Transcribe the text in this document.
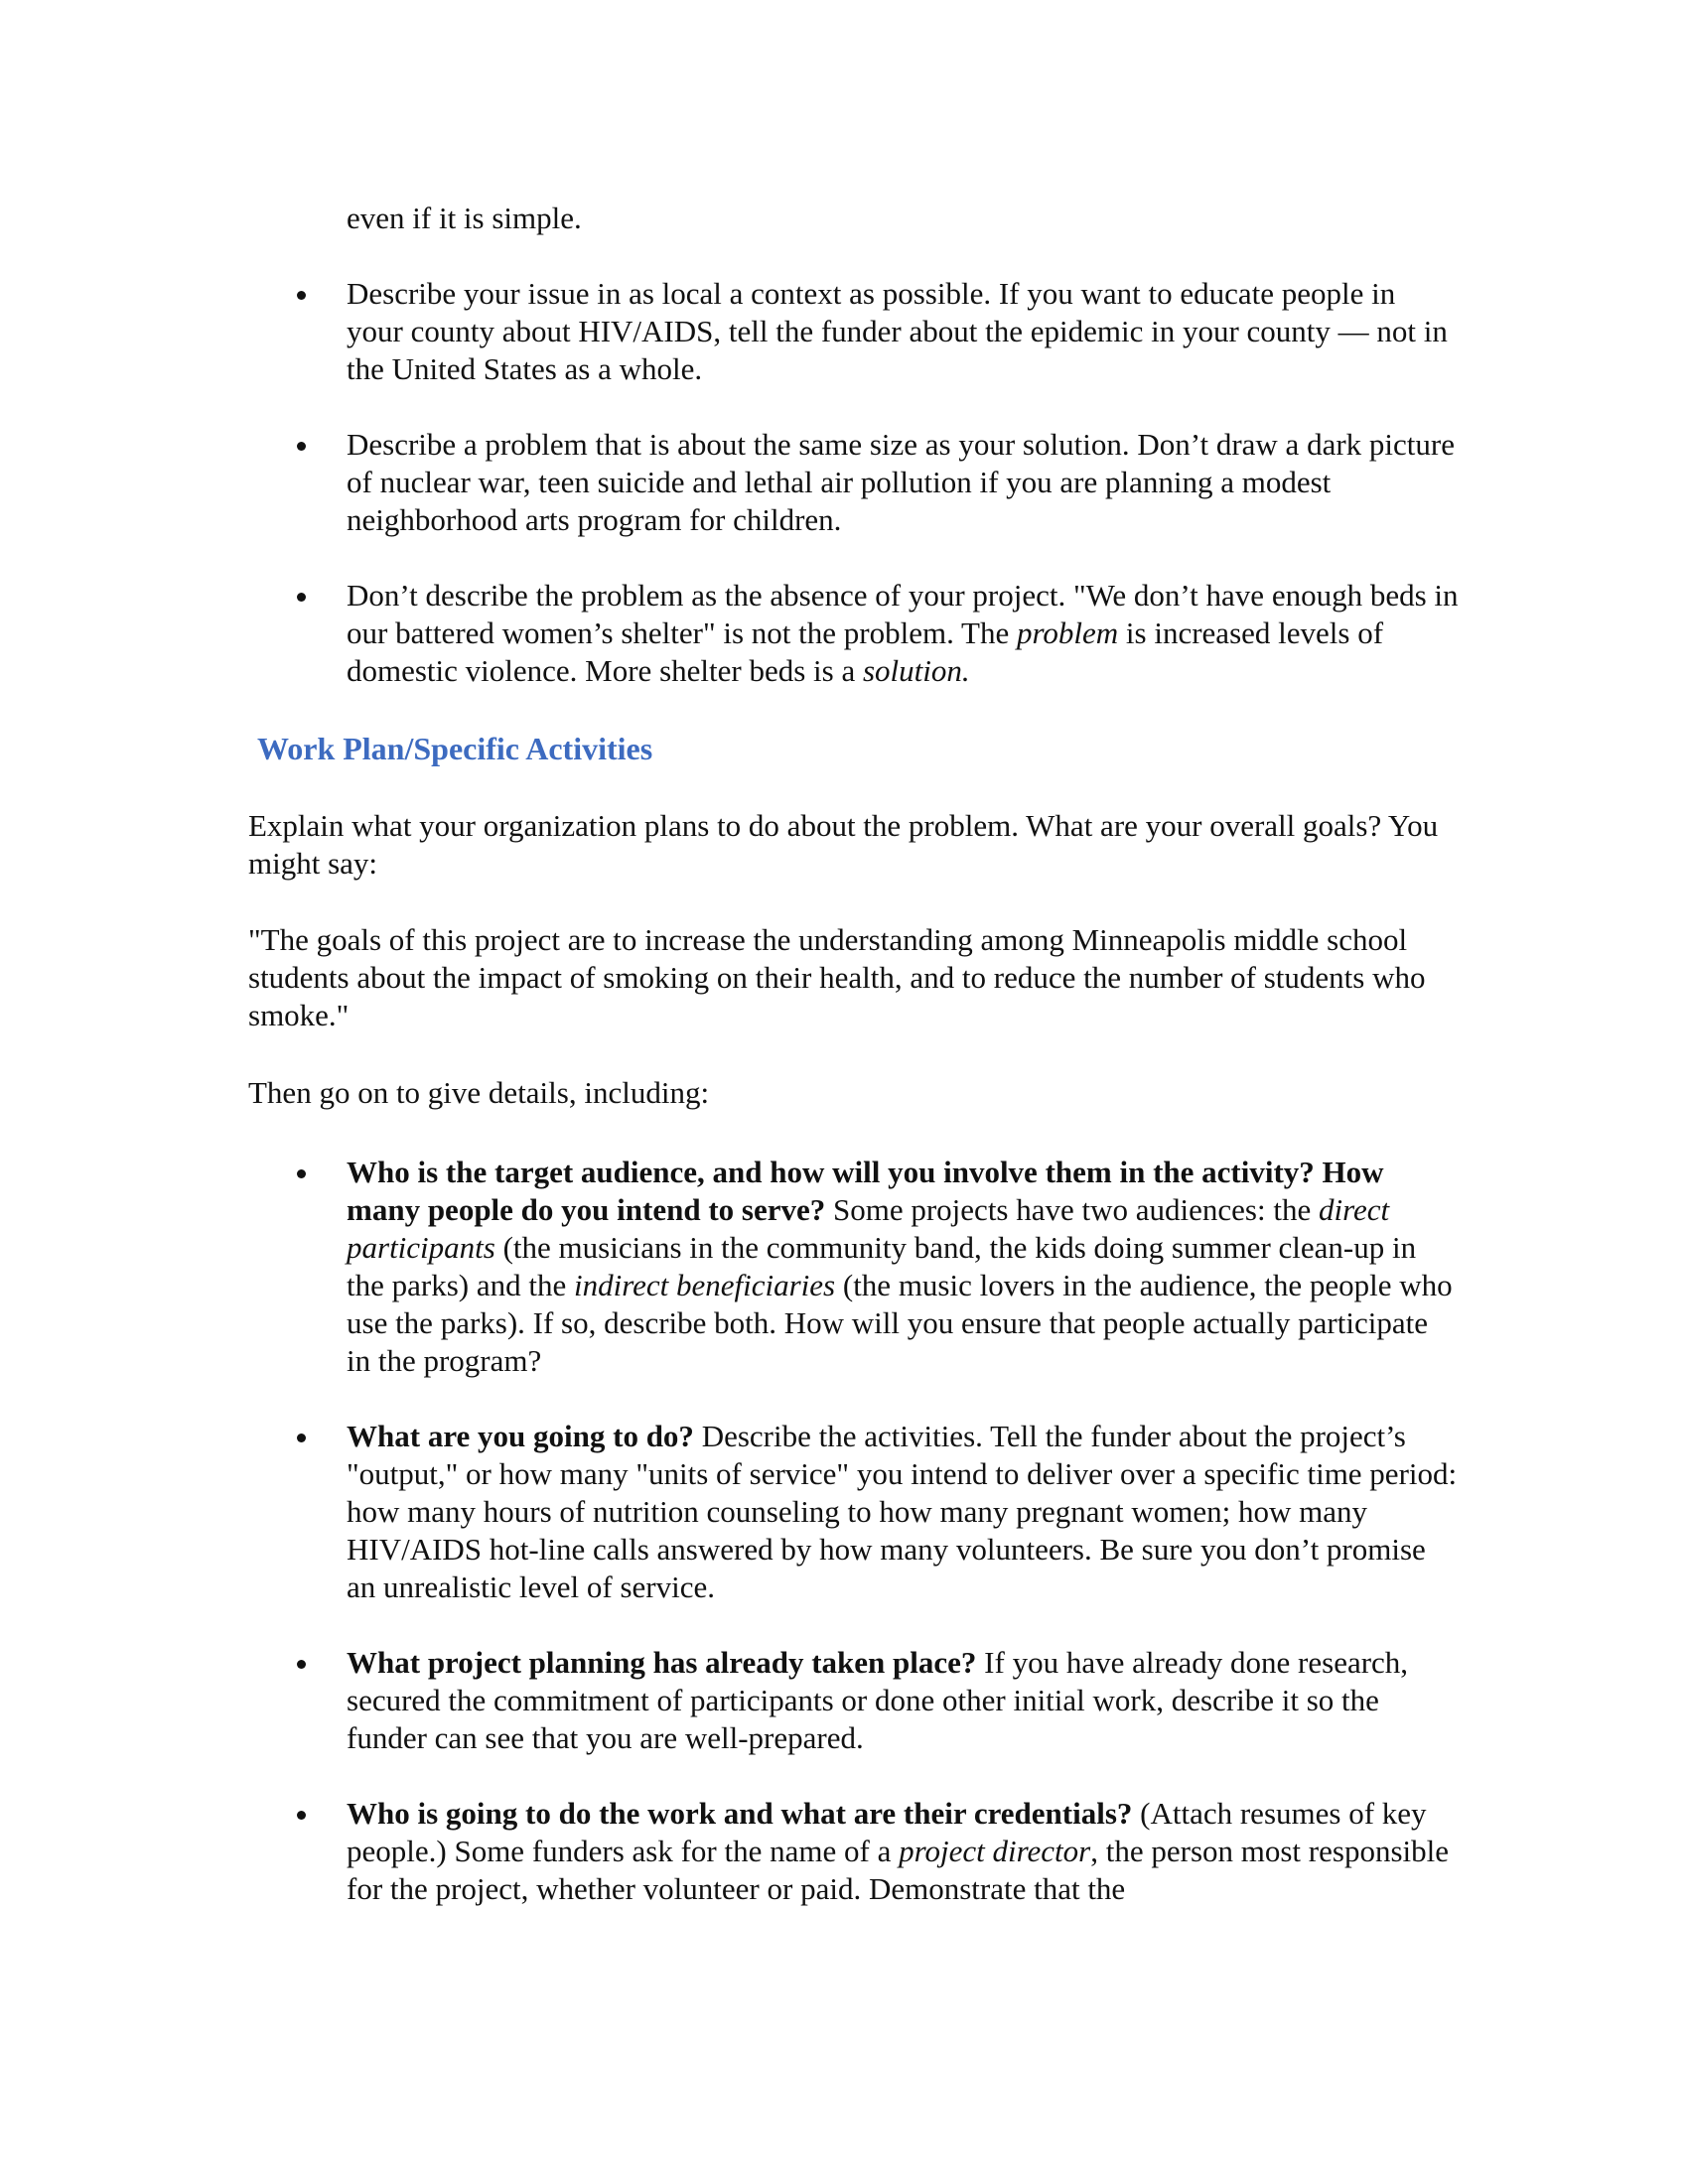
even if it is simple.

Describe your issue in as local a context as possible. If you want to educate people in your county about HIV/AIDS, tell the funder about the epidemic in your county — not in the United States as a whole.
Describe a problem that is about the same size as your solution. Don’t draw a dark picture of nuclear war, teen suicide and lethal air pollution if you are planning a modest neighborhood arts program for children.
Don’t describe the problem as the absence of your project. "We don’t have enough beds in our battered women’s shelter" is not the problem. The problem is increased levels of domestic violence. More shelter beds is a solution.
Work Plan/Specific Activities

Explain what your organization plans to do about the problem. What are your overall goals? You might say:

"The goals of this project are to increase the understanding among Minneapolis middle school students about the impact of smoking on their health, and to reduce the number of students who smoke."

Then go on to give details, including:

Who is the target audience, and how will you involve them in the activity? How many people do you intend to serve? Some projects have two audiences: the direct participants (the musicians in the community band, the kids doing summer clean-up in the parks) and the indirect beneficiaries (the music lovers in the audience, the people who use the parks). If so, describe both. How will you ensure that people actually participate in the program?
What are you going to do? Describe the activities. Tell the funder about the project’s "output," or how many "units of service" you intend to deliver over a specific time period: how many hours of nutrition counseling to how many pregnant women; how many HIV/AIDS hot-line calls answered by how many volunteers. Be sure you don’t promise an unrealistic level of service.
What project planning has already taken place? If you have already done research, secured the commitment of participants or done other initial work, describe it so the funder can see that you are well-prepared.
Who is going to do the work and what are their credentials? (Attach resumes of key people.) Some funders ask for the name of a project director, the person most responsible for the project, whether volunteer or paid. Demonstrate that the
